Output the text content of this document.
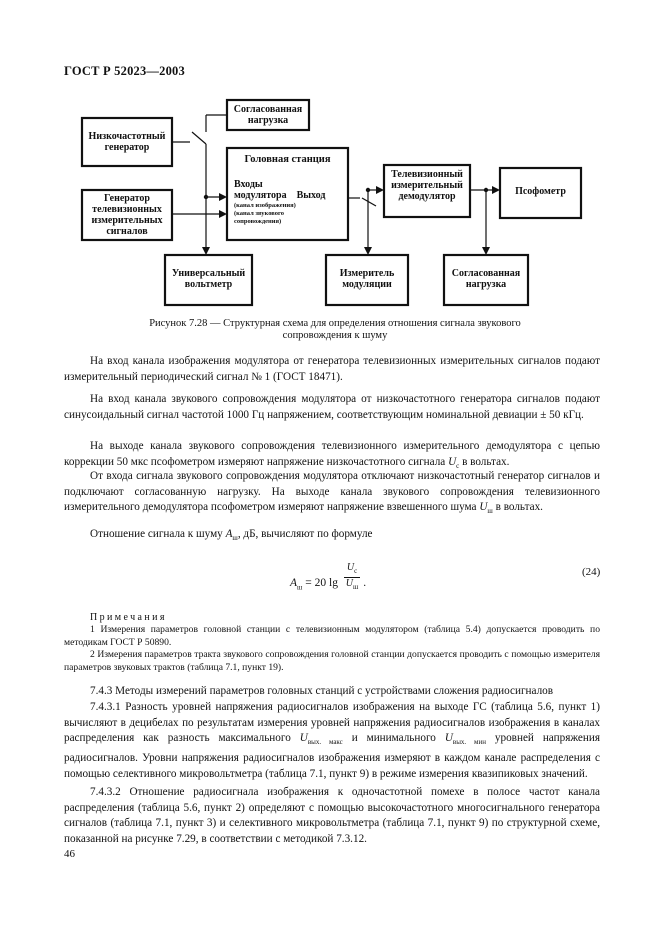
ГОСТ Р 52023—2003
Согласованная
нагрузка
Низкочастотный
генератор
Генератор
телевизионных
измерительных
сигналов
Головная станция
Входы
модулятора    Выход
(канал изображения)
(канал звукового
сопровождения)
Телевизионный
измерительный
демодулятор	Псофометр
Универсальный
вольтметр
Измеритель
модуляции
Согласованная
нагрузка
Рисунок 7.28 — Структурная схема для определения отношения сигнала звукового
сопровождения к шуму
На вход канала изображения модулятора от генератора телевизионных измерительных сигналов подают измерительный периодический сигнал № 1 (ГОСТ 18471).
На вход канала звукового сопровождения модулятора от низкочастотного генератора сигналов подают синусоидальный сигнал частотой 1000 Гц напряжением, соответствующим номинальной девиации ± 50 кГц.
На выходе канала звукового сопровождения телевизионного измерительного демодулятора с цепью коррекции 50 мкс псофометром измеряют напряжение низкочастотного сигнала $U_с$ в вольтах.
От входа сигнала звукового сопровождения модулятора отключают низкочастотный генератор сигналов и подключают согласованную нагрузку. На выходе канала звукового сопровождения телевизионного измерительного демодулятора псофометром измеряют напряжение взвешенного шума $U_ш$ в вольтах.
Отношение сигнала к шуму $A_ш$, дБ, вычисляют по формуле
$A_ш = 20$ lg
$U_с$
$U_ш$ .
(24)
Примечания
1 Измерения параметров головной станции с телевизионным модулятором (таблица 5.4) допускается проводить по методикам ГОСТ Р 50890.
2 Измерения параметров тракта звукового сопровождения головной станции допускается проводить с помощью измерителя параметров звуковых трактов (таблица 7.1, пункт 19).
7.4.3 Методы измерений параметров головных станций с устройствами сложения радиосигналов
7.4.3.1 Разность уровней напряжения радиосигналов изображения на выходе ГС (таблица 5.6, пункт 1) вычисляют в децибелах по результатам измерения уровней напряжения радиосигналов изображения в каналах распределения как разность максимального $U_{вых. макс}$ и минимального $U_{вых. мин}$ уровней напряжения радиосигналов. Уровни напряжения радиосигналов изображения измеряют в каждом канале распределения с помощью селективного микровольтметра (таблица 7.1, пункт 9) в режиме измерения квазипиковых значений.
7.4.3.2 Отношение радиосигнала изображения к одночастотной помехе в полосе частот канала распределения (таблица 5.6, пункт 2) определяют с помощью высокочастотного многосигнального генератора сигналов (таблица 7.1, пункт 3) и селективного микровольтметра (таблица 7.1, пункт 9) по структурной схеме, показанной на рисунке 7.29, в соответствии с методикой 7.3.12.
46
